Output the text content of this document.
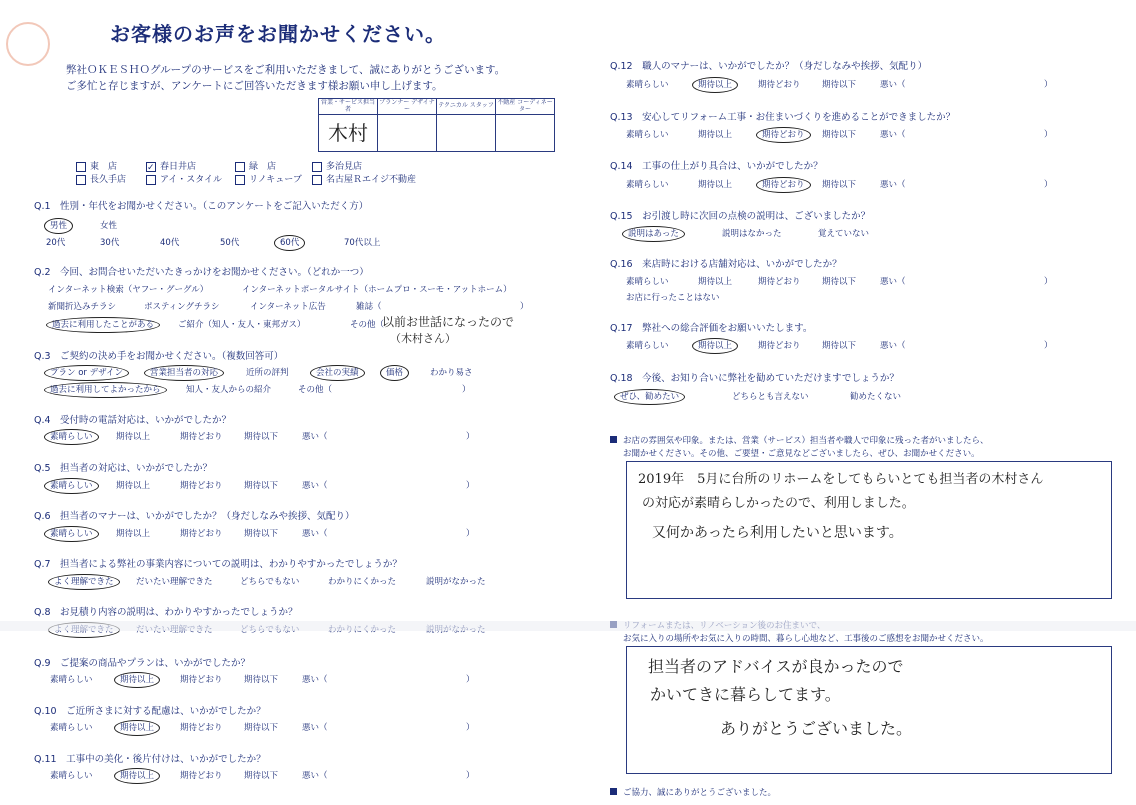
お客様のお声をお聞かせください。
弊社ＯＫＥＳＨＯグループのサービスをご利用いただきまして、誠にありがとうございます。
ご多忙と存じますが、アンケートにご回答いただきます様お願い申し上げます。
営業・サービス担当者	プランナー デザイナー	テクニカル スタッフ	不動産 コーディネーター
木村			
東　店	✓ 春日井店	緑　店	多治見店
長久手店	アイ・スタイル	リノキューブ	名古屋Ｒエイジ不動産
Q.1　性別・年代をお聞かせください。（このアンケートをご記入いただく方）
男性	女性
20代	30代	40代	50代	60代	70代以上
Q.2　今回、お問合せいただいたきっかけをお聞かせください。（どれか一つ）
インターネット検索（ヤフー・グーグル）	インターネットポータルサイト（ホームプロ・スーモ・アットホーム）
新聞折込みチラシ	ポスティングチラシ	インターネット広告	雑誌（	）
過去に利用したことがある	ご紹介（知人・友人・東邦ガス）	その他（
以前お世話になったので
（木村さん）
Q.3　ご契約の決め手をお聞かせください。（複数回答可）
プラン or デザイン	営業担当者の対応	近所の評判	会社の実績	価格	わかり易さ
過去に利用してよかったから	知人・友人からの紹介	その他（	）
Q.4　受付時の電話対応は、いかがでしたか？
素晴らしい	期待以上	期待どおり	期待以下	悪い（	）
Q.5　担当者の対応は、いかがでしたか？
素晴らしい	期待以上	期待どおり	期待以下	悪い（	）
Q.6　担当者のマナーは、いかがでしたか？（身だしなみや挨拶、気配り）
素晴らしい	期待以上	期待どおり	期待以下	悪い（	）
Q.7　担当者による弊社の事業内容についての説明は、わかりやすかったでしょうか？
よく理解できた	だいたい理解できた	どちらでもない	わかりにくかった	説明がなかった
Q.8　お見積り内容の説明は、わかりやすかったでしょうか？
Q.9　ご提案の商品やプランは、いかがでしたか？
素晴らしい	期待以上	期待どおり	期待以下	悪い（	）
Q.10　ご近所さまに対する配慮は、いかがでしたか？
素晴らしい	期待以上	期待どおり	期待以下	悪い（	）
Q.11　工事中の美化・後片付けは、いかがでしたか？
素晴らしい	期待以上	期待どおり	期待以下	悪い（	）
Q.12　職人のマナーは、いかがでしたか？（身だしなみや挨拶、気配り）
素晴らしい	期待以上	期待どおり	期待以下	悪い（	）
Q.13　安心してリフォーム工事・お住まいづくりを進めることができましたか？
素晴らしい	期待以上	期待どおり	期待以下	悪い（	）
Q.14　工事の仕上がり具合は、いかがでしたか？
素晴らしい	期待以上	期待どおり	期待以下	悪い（	）
Q.15　お引渡し時に次回の点検の説明は、ございましたか？
説明はあった	説明はなかった	覚えていない
Q.16　来店時における店舗対応は、いかがでしたか？
素晴らしい	期待以上	期待どおり	期待以下	悪い（	）
お店に行ったことはない
Q.17　弊社への総合評価をお願いいたします。
素晴らしい	期待以上	期待どおり	期待以下	悪い（	）
Q.18　今後、お知り合いに弊社を勧めていただけますでしょうか？
ぜひ、勧めたい	どちらとも言えない	勧めたくない
お店の雰囲気や印象。または、営業（サービス）担当者や職人で印象に残った者がいましたら、
お聞かせください。その他、ご要望・ご意見などございましたら、ぜひ、お聞かせください。
2019年　5月に台所のリホームをしてもらいとても担当者の木村さん
の対応が素晴らしかったので、利用しました。
又何かあったら利用したいと思います。
お気に入りの場所やお気に入りの時間、暮らし心地など、工事後のご感想をお聞かせください。
担当者のアドバイスが良かったので
かいてきに暮らしてます。
ありがとうございました。
ご協力、誠にありがとうございました。
